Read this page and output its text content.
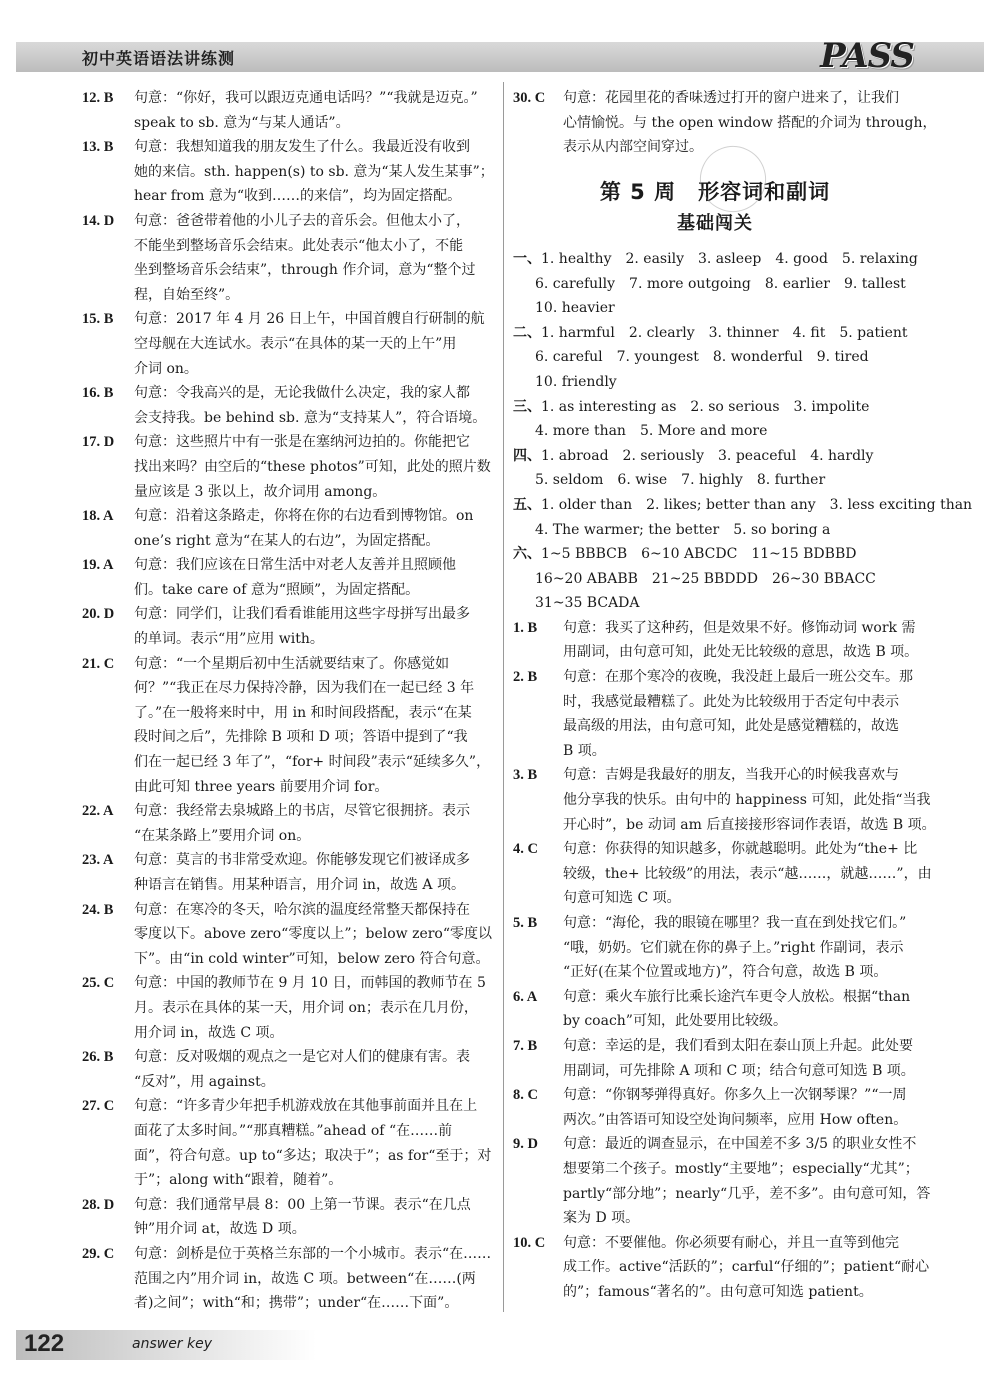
初中英语语法讲练测	PASS
12. B	句意：“你好，我可以跟迈克通电话吗？”“我就是迈克。”
speak to sb. 意为“与某人通话”。
13. B	句意：我想知道我的朋友发生了什么。我最近没有收到
她的来信。sth. happen(s) to sb. 意为“某人发生某事”；
hear from 意为“收到……的来信”，均为固定搭配。
14. D	句意：爸爸带着他的小儿子去的音乐会。但他太小了，
不能坐到整场音乐会结束。此处表示“他太小了，不能
坐到整场音乐会结束”，through 作介词，意为“整个过
程，自始至终”。
15. B	句意：2017 年 4 月 26 日上午，中国首艘自行研制的航
空母舰在大连试水。表示“在具体的某一天的上午”用
介词 on。
16. B	句意：令我高兴的是，无论我做什么决定，我的家人都
会支持我。be behind sb. 意为“支持某人”，符合语境。
17. D	句意：这些照片中有一张是在塞纳河边拍的。你能把它
找出来吗？由空后的“these photos”可知，此处的照片数
量应该是 3 张以上，故介词用 among。
18. A	句意：沿着这条路走，你将在你的右边看到博物馆。on
one’s right 意为“在某人的右边”，为固定搭配。
19. A	句意：我们应该在日常生活中对老人友善并且照顾他
们。take care of 意为“照顾”，为固定搭配。
20. D	句意：同学们，让我们看看谁能用这些字母拼写出最多
的单词。表示“用”应用 with。
21. C	句意：“一个星期后初中生活就要结束了。你感觉如
何？”“我正在尽力保持冷静，因为我们在一起已经 3 年
了。”在一般将来时中，用 in 和时间段搭配，表示“在某
段时间之后”，先排除 B 项和 D 项；答语中提到了“我
们在一起已经 3 年了”，“for+ 时间段”表示“延续多久”，
由此可知 three years 前要用介词 for。
22. A	句意：我经常去泉城路上的书店，尽管它很拥挤。表示
“在某条路上”要用介词 on。
23. A	句意：莫言的书非常受欢迎。你能够发现它们被译成多
种语言在销售。用某种语言，用介词 in，故选 A 项。
24. B	句意：在寒冷的冬天，哈尔滨的温度经常整天都保持在
零度以下。above zero“零度以上”；below zero“零度以
下”。由“in cold winter”可知，below zero 符合句意。
25. C	句意：中国的教师节在 9 月 10 日，而韩国的教师节在 5
月。表示在具体的某一天，用介词 on；表示在几月份，
用介词 in，故选 C 项。
26. B	句意：反对吸烟的观点之一是它对人们的健康有害。表
“反对”，用 against。
27. C	句意：“许多青少年把手机游戏放在其他事前面并且在上
面花了太多时间。”“那真糟糕。”ahead of “在……前
面”，符合句意。up to“多达；取决于”；as for“至于；对
于”；along with“跟着，随着”。
28. D	句意：我们通常早晨 8：00 上第一节课。表示“在几点
钟”用介词 at，故选 D 项。
29. C	句意：剑桥是位于英格兰东部的一个小城市。表示“在……
范围之内”用介词 in，故选 C 项。between“在……(两
者)之间”；with“和；携带”；under“在……下面”。
30. C	句意：花园里花的香味透过打开的窗户进来了，让我们
心情愉悦。与 the open window 搭配的介词为 through，
表示从内部空间穿过。
第 5 周　形容词和副词
基础闯关
一、1. healthy　2. easily　3. asleep　4. good　5. relaxing
6. carefully　7. more outgoing　8. earlier　9. tallest
10. heavier
二、1. harmful　2. clearly　3. thinner　4. fit　5. patient
6. careful　7. youngest　8. wonderful　9. tired
10. friendly
三、1. as interesting as　2. so serious　3. impolite
4. more than　5. More and more
四、1. abroad　2. seriously　3. peaceful　4. hardly
5. seldom　6. wise　7. highly　8. further
五、1. older than　2. likes; better than any　3. less exciting than
4. The warmer; the better　5. so boring a
六、1~5 BBBCB　6~10 ABCDC　11~15 BDBBD
16~20 ABABB　21~25 BBDDD　26~30 BBACC
31~35 BCADA
1. B	句意：我买了这种药，但是效果不好。修饰动词 work 需
用副词，由句意可知，此处无比较级的意思，故选 B 项。
2. B	句意：在那个寒冷的夜晚，我没赶上最后一班公交车。那
时，我感觉最糟糕了。此处为比较级用于否定句中表示
最高级的用法，由句意可知，此处是感觉糟糕的，故选
B 项。
3. B	句意：吉姆是我最好的朋友，当我开心的时候我喜欢与
他分享我的快乐。由句中的 happiness 可知，此处指“当我
开心时”，be 动词 am 后直接接形容词作表语，故选 B 项。
4. C	句意：你获得的知识越多，你就越聪明。此处为“the+ 比
较级，the+ 比较级”的用法，表示“越……，就越……”，由
句意可知选 C 项。
5. B	句意：“海伦，我的眼镜在哪里？我一直在到处找它们。”
“哦，奶奶。它们就在你的鼻子上。”right 作副词，表示
“正好(在某个位置或地方)”，符合句意，故选 B 项。
6. A	句意：乘火车旅行比乘长途汽车更令人放松。根据“than
by coach”可知，此处要用比较级。
7. B	句意：幸运的是，我们看到太阳在泰山顶上升起。此处要
用副词，可先排除 A 项和 C 项；结合句意可知选 B 项。
8. C	句意：“你钢琴弹得真好。你多久上一次钢琴课？”“一周
两次。”由答语可知设空处询问频率，应用 How often。
9. D	句意：最近的调查显示，在中国差不多 3/5 的职业女性不
想要第二个孩子。mostly“主要地”；especially“尤其”；
partly“部分地”；nearly“几乎，差不多”。由句意可知，答
案为 D 项。
10. C	句意：不要催他。你必须要有耐心，并且一直等到他完
成工作。active“活跃的”；carful“仔细的”；patient“耐心
的”；famous“著名的”。由句意可知选 patient。
122	answer key
